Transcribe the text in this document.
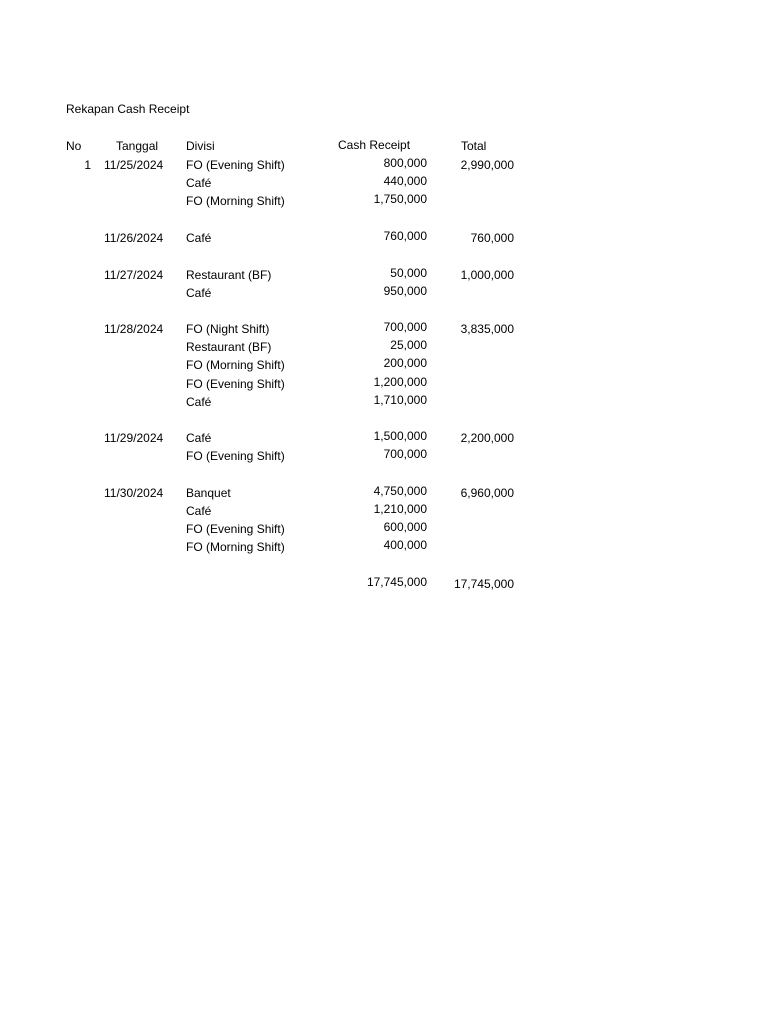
Rekapan Cash Receipt
No	Tanggal Divisi	Cash Receipt	Total
1 11/25/2024 FO (Evening Shift)	800,000	2,990,000
Café	440,000
FO (Morning Shift)	1,750,000
11/26/2024 Café	760,000	760,000
11/27/2024 Restaurant (BF)	50,000	1,000,000
Café	950,000
11/28/2024 FO (Night Shift)	700,000	3,835,000
Restaurant (BF)	25,000
FO (Morning Shift)	200,000
FO (Evening Shift)	1,200,000
Café	1,710,000
11/29/2024 Café	1,500,000	2,200,000
FO (Evening Shift)	700,000
11/30/2024 Banquet	4,750,000	6,960,000
Café	1,210,000
FO (Evening Shift)	600,000
FO (Morning Shift)	400,000
17,745,000 17,745,000
